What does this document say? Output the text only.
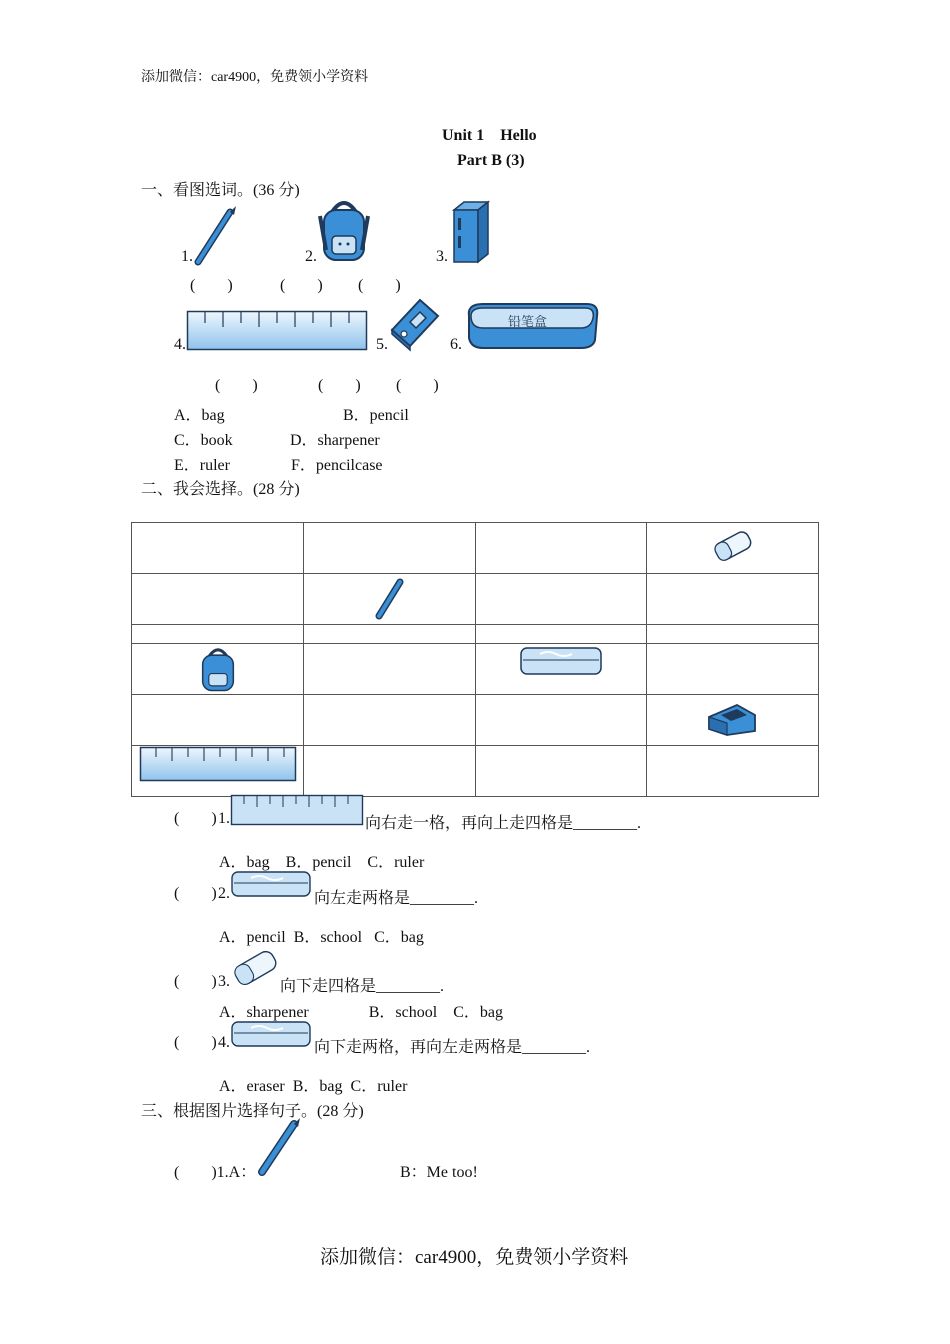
添加微信：car4900，免费领小学资料
Unit 1    Hello
Part B (3)
一、看图选词。(36 分)
1.	2.	3.
(        )	(        ) (        )
4.	5.	6.
铅笔盒
(        )	(        ) (        )
A．bag	B．pencil
C．book	D．sharpener
E．ruler	F．pencilcase
二、我会选择。(28 分)

(        ) 1.	向右走一格，再向上走四格是________.
A．bag    B．pencil    C．ruler
(        ) 2.	向左走两格是________.
A．pencil  B．school   C．bag
(        ) 3.	向下走四格是________.
A．sharpener               B．school    C．bag
(        ) 4.	向下走两格，再向左走两格是________.
A．eraser  B．bag  C．ruler
三、根据图片选择句子。(28 分)
(        )1.A：	B：Me too!
添加微信：car4900，免费领小学资料
